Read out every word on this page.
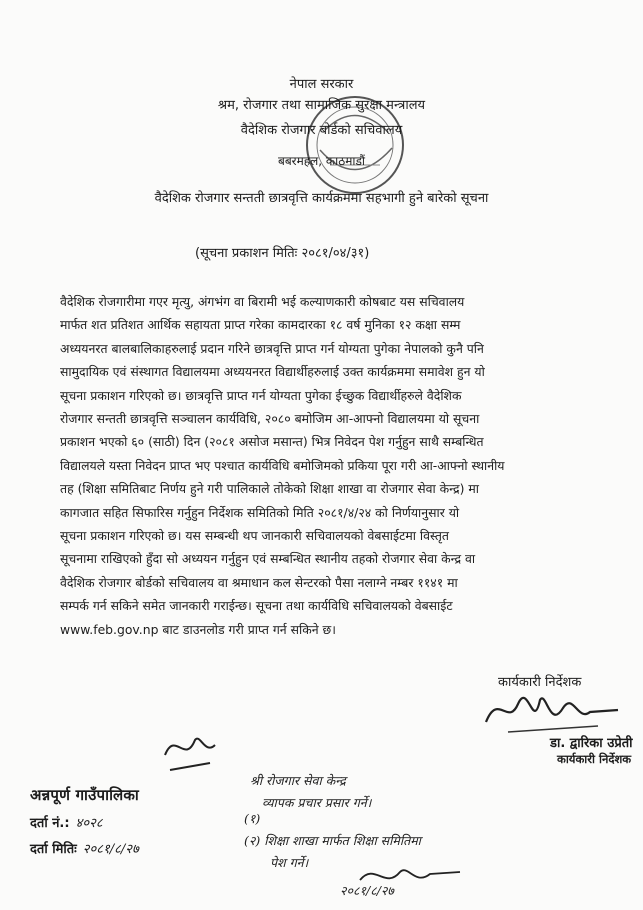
नेपाल सरकार
श्रम, रोजगार तथा सामाजिक सुरक्षा मन्त्रालय
वैदेशिक रोजगार बोर्डको सचिवालय
बबरमहल, काठमाडौं
वैदेशिक रोजगार सन्तती छात्रवृत्ति कार्यक्रममा सहभागी हुने बारेको सूचना
(सूचना प्रकाशन मितिः २०८१/०४/३१)
वैदेशिक रोजगारीमा गएर मृत्यु, अंगभंग वा बिरामी भई कल्याणकारी कोषबाट यस सचिवालय
मार्फत शत प्रतिशत आर्थिक सहायता प्राप्त गरेका कामदारका १८ वर्ष मुनिका १२ कक्षा सम्म
अध्ययनरत बालबालिकाहरुलाई प्रदान गरिने छात्रवृत्ति प्राप्त गर्न योग्यता पुगेका नेपालको कुनै पनि
सामुदायिक एवं संस्थागत विद्यालयमा अध्ययनरत विद्यार्थीहरुलाई उक्त कार्यक्रममा समावेश हुन यो
सूचना प्रकाशन गरिएको छ। छात्रवृत्ति प्राप्त गर्न योग्यता पुगेका ईच्छुक विद्यार्थीहरुले वैदेशिक
रोजगार सन्तती छात्रवृत्ति सञ्चालन कार्यविधि, २०८० बमोजिम आ-आफ्नो विद्यालयमा यो सूचना
प्रकाशन भएको ६० (साठी) दिन (२०८१ असोज मसान्त) भित्र निवेदन पेश गर्नुहुन साथै सम्बन्धित
विद्यालयले यस्ता निवेदन प्राप्त भए पश्चात कार्यविधि बमोजिमको प्रकिया पूरा गरी आ-आफ्नो स्थानीय
तह (शिक्षा समितिबाट निर्णय हुने गरी पालिकाले तोकेको शिक्षा शाखा वा रोजगार सेवा केन्द्र) मा
कागजात सहित सिफारिस गर्नुहुन निर्देशक समितिको मिति २०८१/४/२४ को निर्णयानुसार यो
सूचना प्रकाशन गरिएको छ। यस सम्बन्धी थप जानकारी सचिवालयको वेबसाईटमा विस्तृत
सूचनामा राखिएको हुँदा सो अध्ययन गर्नुहुन एवं सम्बन्धित स्थानीय तहको रोजगार सेवा केन्द्र वा
वैदेशिक रोजगार बोर्डको सचिवालय वा श्रमाधान कल सेन्टरको पैसा नलाग्ने नम्बर ११४१ मा
सम्पर्क गर्न सकिने समेत जानकारी गराईन्छ। सूचना तथा कार्यविधि सचिवालयको वेबसाईट
www.feb.gov.np बाट डाउनलोड गरी प्राप्त गर्न सकिने छ।
कार्यकारी निर्देशक
डा. द्वारिका उप्रेती
कार्यकारी निर्देशक
अन्नपूर्ण गाउँपालिका
दर्ता नं.: ४०२८
दर्ता मितिः २०८१/८/२७
श्री रोजगार सेवा केन्द्र
व्यापक प्रचार प्रसार गर्ने।
(१)
(२) शिक्षा शाखा मार्फत शिक्षा समितिमा
पेश गर्ने।
२०८१/८/२७
